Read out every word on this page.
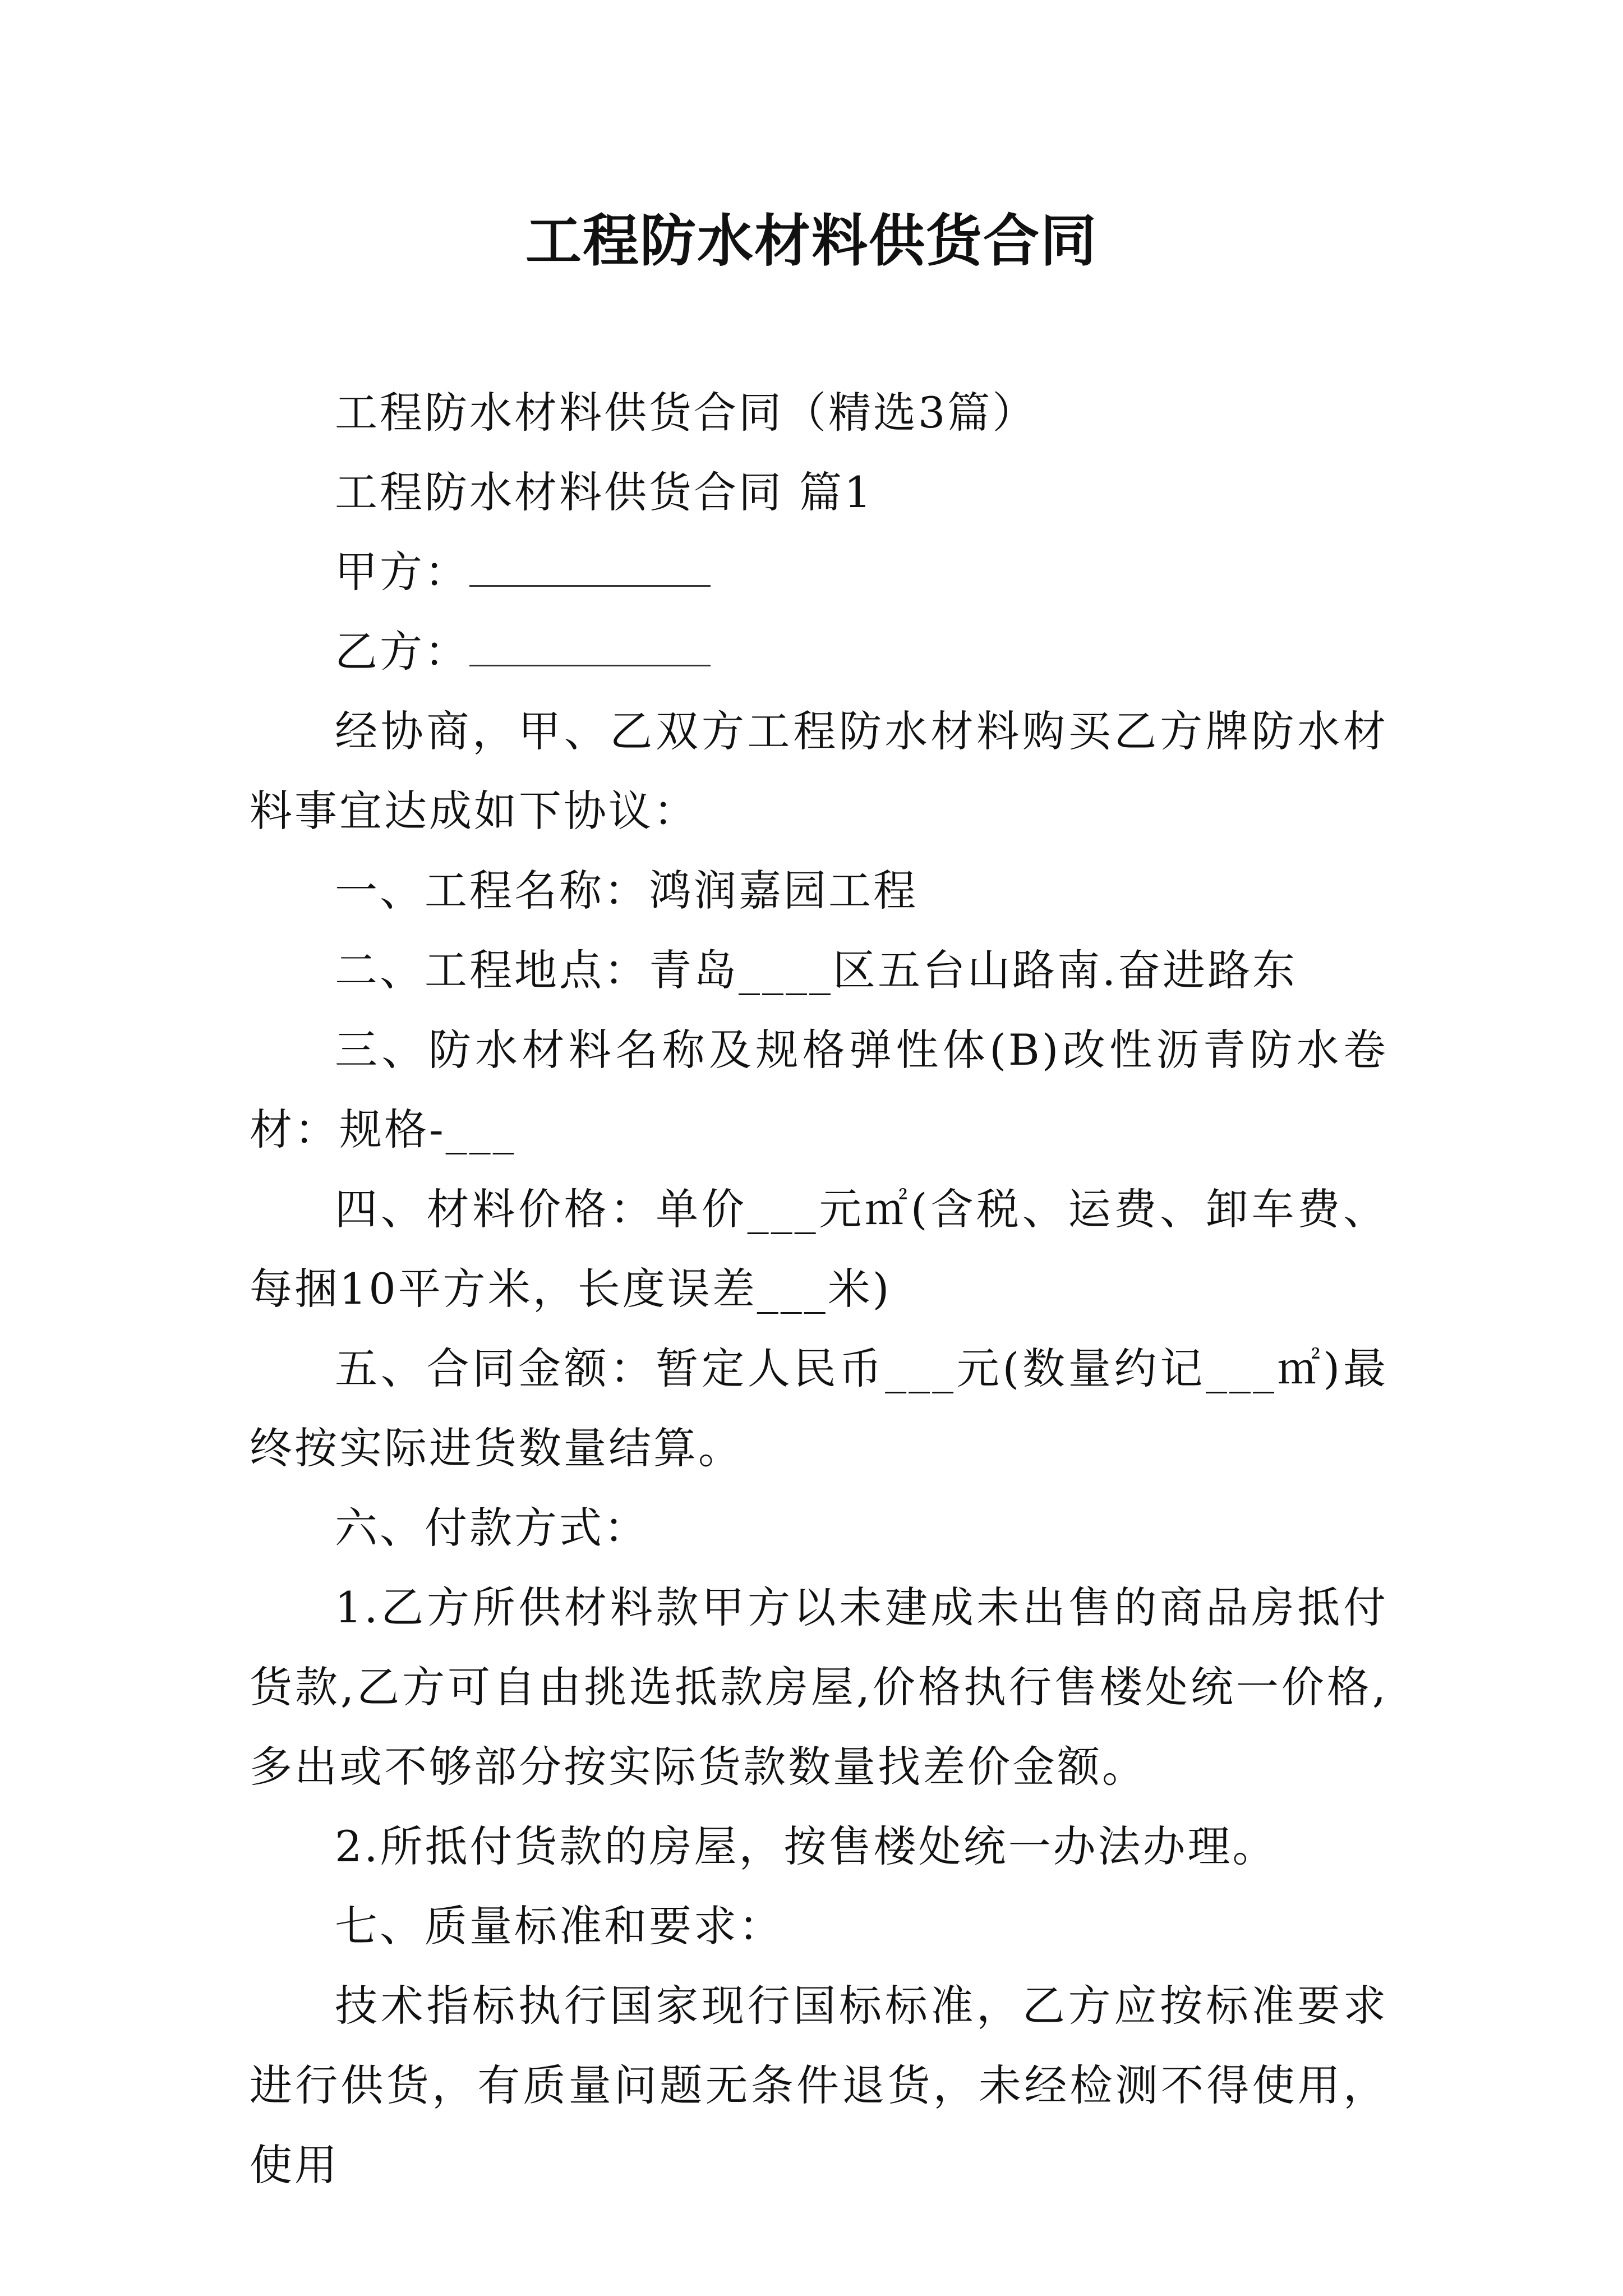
工程防水材料供货合同

工程防水材料供货合同（精选3篇）

工程防水材料供货合同 篇1

甲方：

乙方：

经协商，甲、乙双方工程防水材料购买乙方牌防水材料事宜达成如下协议：

一、工程名称：鸿润嘉园工程

二、工程地点：青岛____区五台山路南.奋进路东

三、防水材料名称及规格弹性体(B)改性沥青防水卷材：规格-___

四、材料价格：单价___元㎡(含税、运费、卸车费、每捆10平方米，长度误差___米)

五、合同金额：暂定人民币___元(数量约记___㎡)最终按实际进货数量结算。

六、付款方式：

1.乙方所供材料款甲方以未建成未出售的商品房抵付货款,乙方可自由挑选抵款房屋,价格执行售楼处统一价格,多出或不够部分按实际货款数量找差价金额。

2.所抵付货款的房屋，按售楼处统一办法办理。

七、质量标准和要求：

技术指标执行国家现行国标标准，乙方应按标准要求进行供货，有质量问题无条件退货，未经检测不得使用，使用
